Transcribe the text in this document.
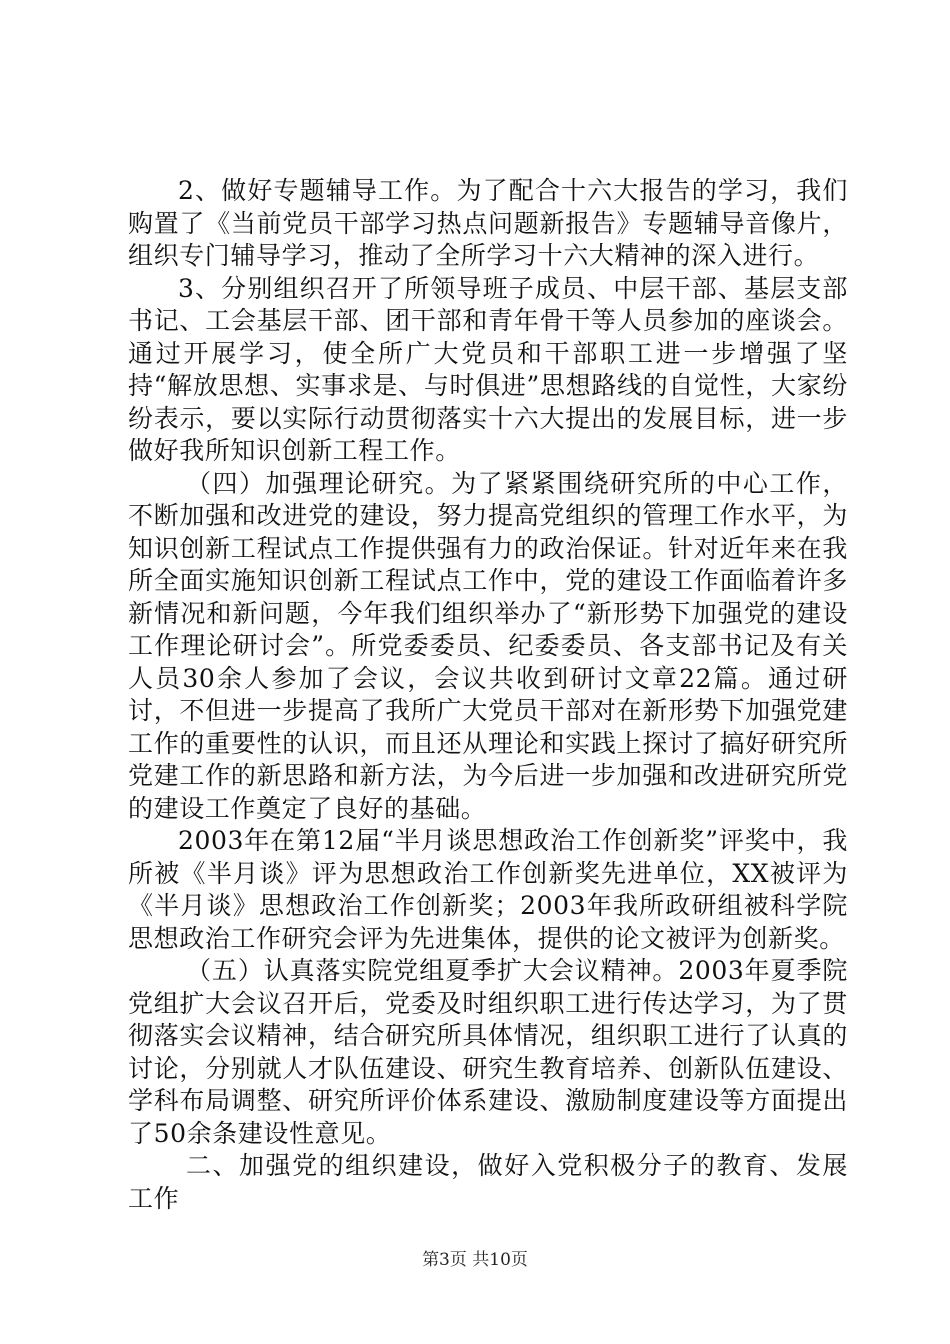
2、做好专题辅导工作。为了配合十六大报告的学习，我们购置了《当前党员干部学习热点问题新报告》专题辅导音像片，组织专门辅导学习，推动了全所学习十六大精神的深入进行。

3、分别组织召开了所领导班子成员、中层干部、基层支部书记、工会基层干部、团干部和青年骨干等人员参加的座谈会。通过开展学习，使全所广大党员和干部职工进一步增强了坚持“解放思想、实事求是、与时俱进”思想路线的自觉性，大家纷纷表示，要以实际行动贯彻落实十六大提出的发展目标，进一步做好我所知识创新工程工作。

（四）加强理论研究。为了紧紧围绕研究所的中心工作，不断加强和改进党的建设，努力提高党组织的管理工作水平，为知识创新工程试点工作提供强有力的政治保证。针对近年来在我所全面实施知识创新工程试点工作中，党的建设工作面临着许多新情况和新问题，今年我们组织举办了“新形势下加强党的建设工作理论研讨会”。所党委委员、纪委委员、各支部书记及有关人员30余人参加了会议，会议共收到研讨文章22篇。通过研讨，不但进一步提高了我所广大党员干部对在新形势下加强党建工作的重要性的认识，而且还从理论和实践上探讨了搞好研究所党建工作的新思路和新方法，为今后进一步加强和改进研究所党的建设工作奠定了良好的基础。

2003年在第12届“半月谈思想政治工作创新奖”评奖中，我所被《半月谈》评为思想政治工作创新奖先进单位，XX被评为《半月谈》思想政治工作创新奖；2003年我所政研组被科学院思想政治工作研究会评为先进集体，提供的论文被评为创新奖。

（五）认真落实院党组夏季扩大会议精神。2003年夏季院党组扩大会议召开后，党委及时组织职工进行传达学习，为了贯彻落实会议精神，结合研究所具体情况，组织职工进行了认真的讨论，分别就人才队伍建设、研究生教育培养、创新队伍建设、学科布局调整、研究所评价体系建设、激励制度建设等方面提出了50余条建设性意见。

二、加强党的组织建设，做好入党积极分子的教育、发展工作

第3页 共10页
